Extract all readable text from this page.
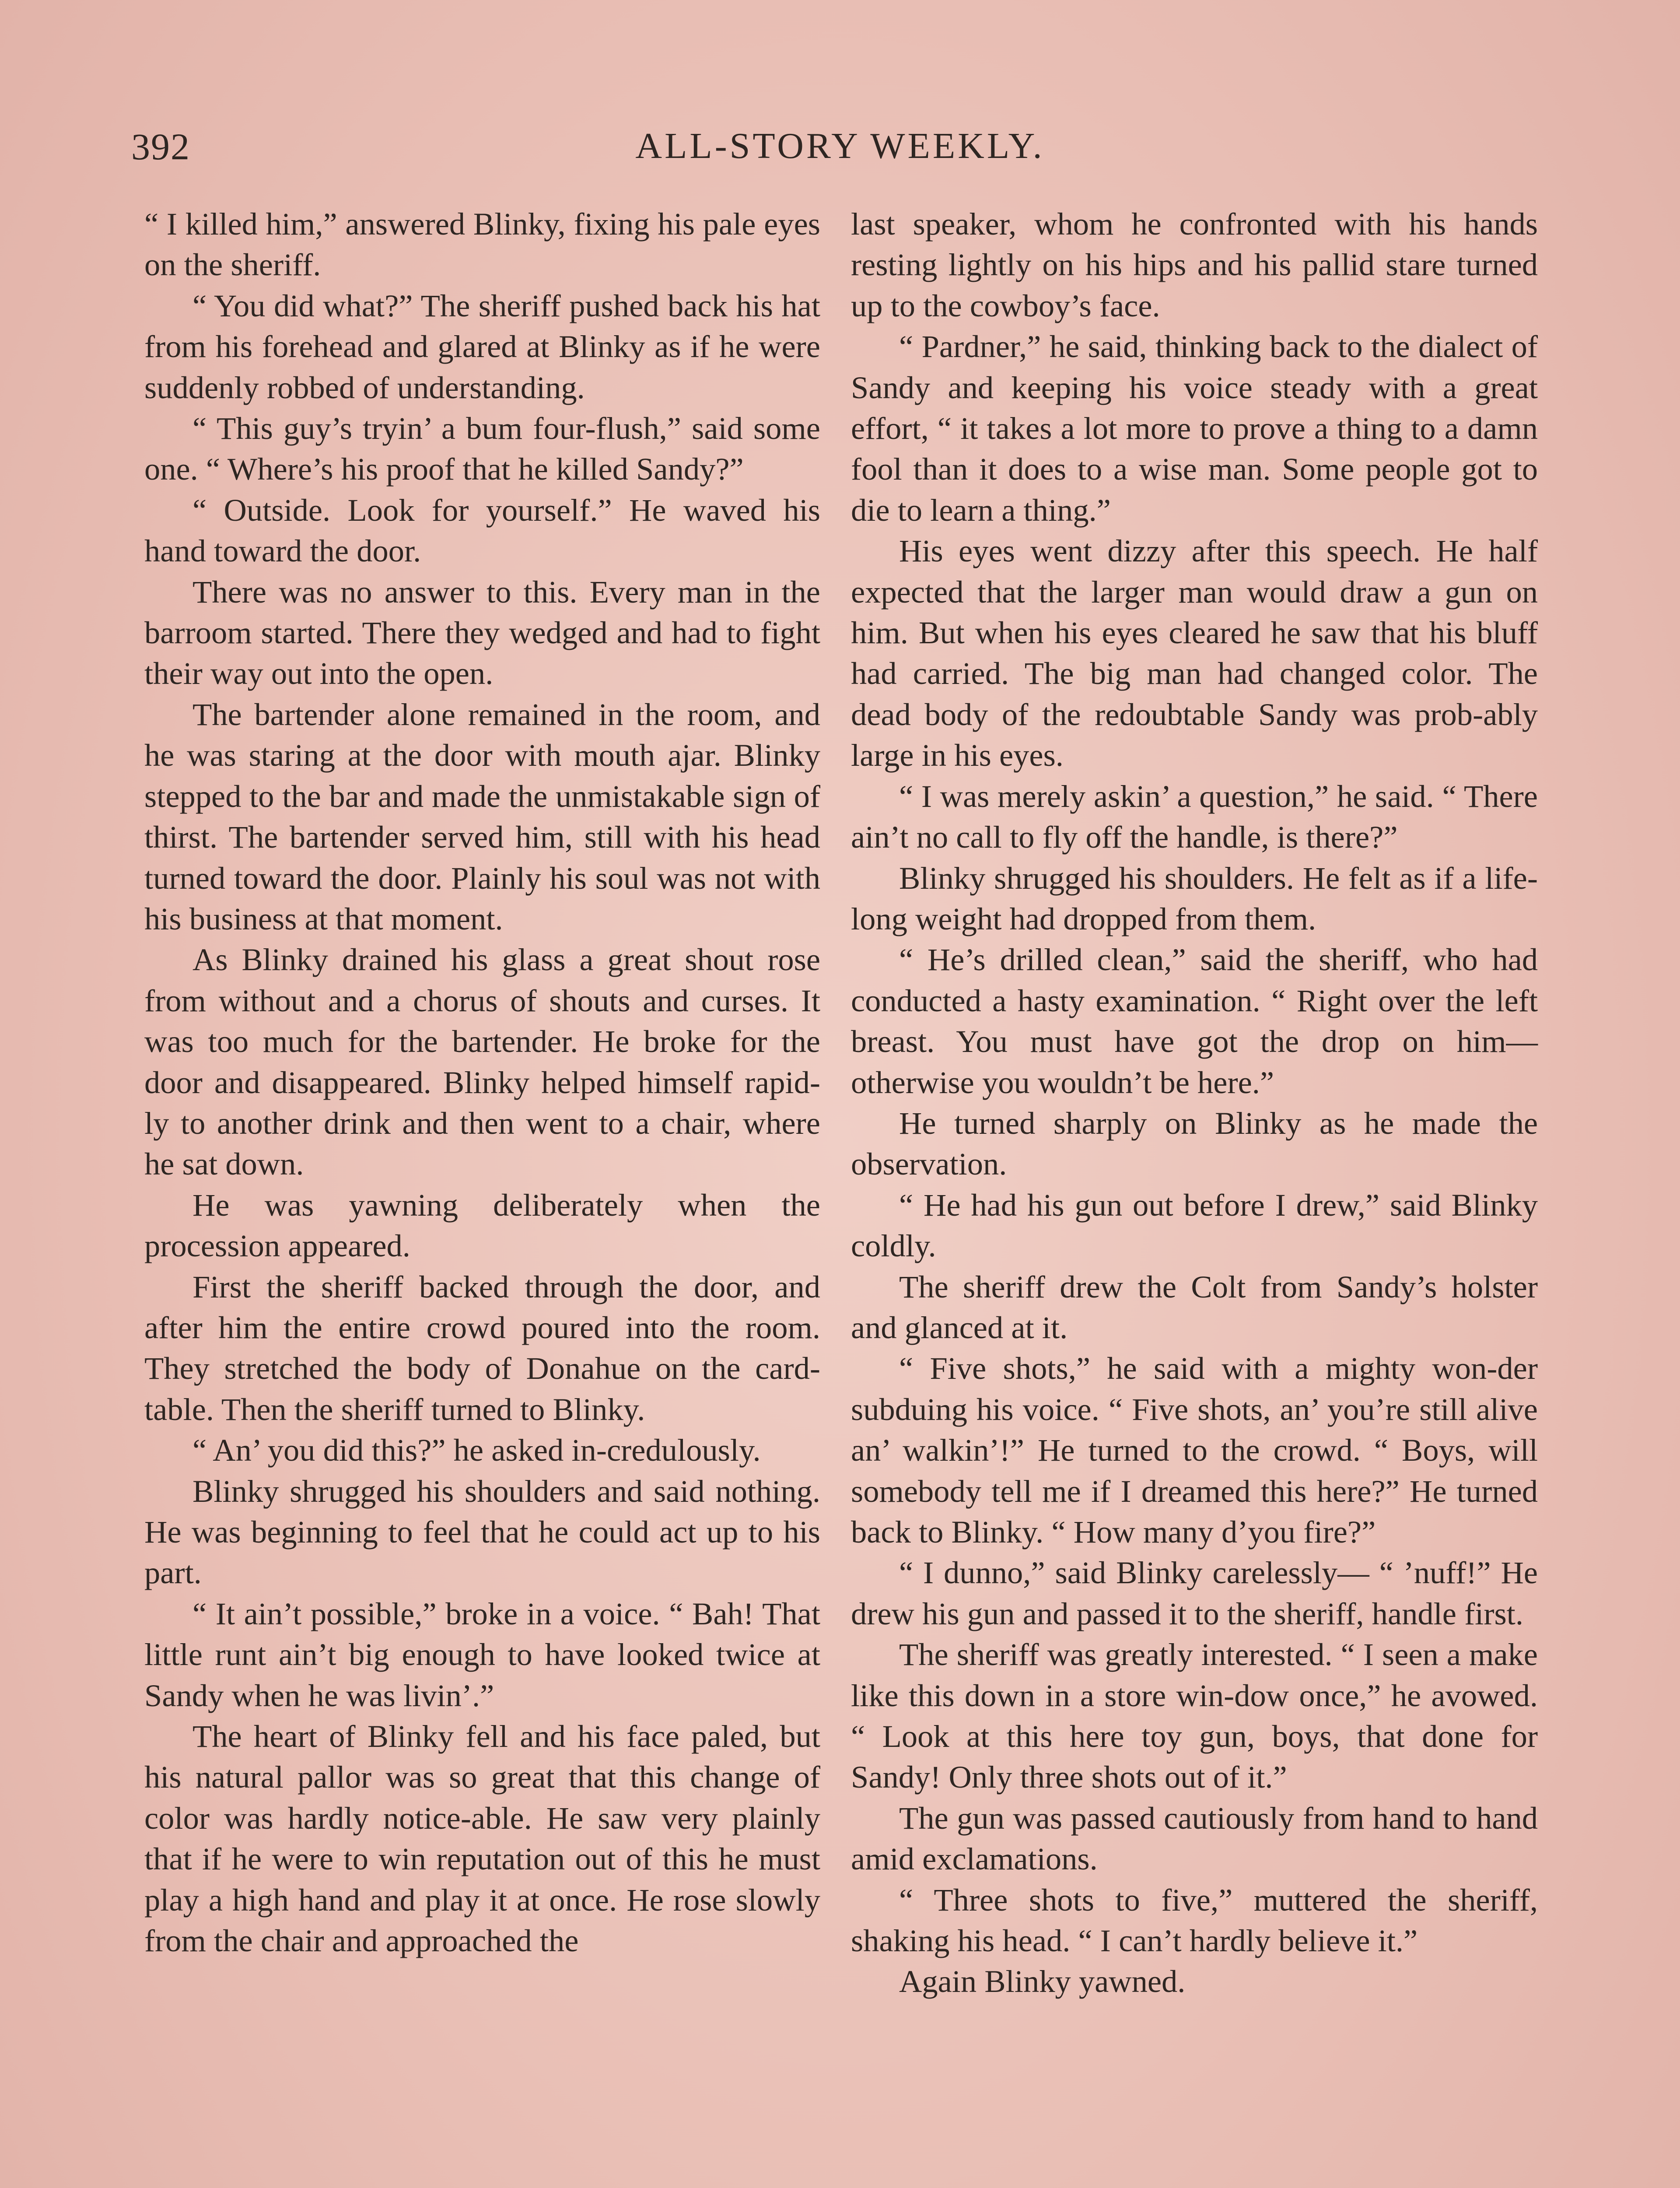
392	ALL-STORY WEEKLY.

“ I killed him,” answered Blinky, fixing his pale eyes on the sheriff.

“ You did what?” The sheriff pushed back his hat from his forehead and glared at Blinky as if he were suddenly robbed of understanding.

“ This guy’s tryin’ a bum four-flush,” said some one. “ Where’s his proof that he killed Sandy?”

“ Outside. Look for yourself.” He waved his hand toward the door.

There was no answer to this. Every man in the barroom started. There they wedged and had to fight their way out into the open.

The bartender alone remained in the room, and he was staring at the door with mouth ajar. Blinky stepped to the bar and made the unmistakable sign of thirst. The bartender served him, still with his head turned toward the door. Plainly his soul was not with his business at that moment.

As Blinky drained his glass a great shout rose from without and a chorus of shouts and curses. It was too much for the bartender. He broke for the door and disappeared. Blinky helped himself rapid-ly to another drink and then went to a chair, where he sat down.

He was yawning deliberately when the procession appeared.

First the sheriff backed through the door, and after him the entire crowd poured into the room. They stretched the body of Donahue on the card-table. Then the sheriff turned to Blinky.

“ An’ you did this?” he asked in-credulously.

Blinky shrugged his shoulders and said nothing. He was beginning to feel that he could act up to his part.

“ It ain’t possible,” broke in a voice. “ Bah! That little runt ain’t big enough to have looked twice at Sandy when he was livin’.”

The heart of Blinky fell and his face paled, but his natural pallor was so great that this change of color was hardly notice-able. He saw very plainly that if he were to win reputation out of this he must play a high hand and play it at once. He rose slowly from the chair and approached the

last speaker, whom he confronted with his hands resting lightly on his hips and his pallid stare turned up to the cowboy’s face.

“ Pardner,” he said, thinking back to the dialect of Sandy and keeping his voice steady with a great effort, “ it takes a lot more to prove a thing to a damn fool than it does to a wise man. Some people got to die to learn a thing.”

His eyes went dizzy after this speech. He half expected that the larger man would draw a gun on him. But when his eyes cleared he saw that his bluff had carried. The big man had changed color. The dead body of the redoubtable Sandy was prob-ably large in his eyes.

“ I was merely askin’ a question,” he said. “ There ain’t no call to fly off the handle, is there?”

Blinky shrugged his shoulders. He felt as if a life-long weight had dropped from them.

“ He’s drilled clean,” said the sheriff, who had conducted a hasty examination. “ Right over the left breast. You must have got the drop on him—otherwise you wouldn’t be here.”

He turned sharply on Blinky as he made the observation.

“ He had his gun out before I drew,” said Blinky coldly.

The sheriff drew the Colt from Sandy’s holster and glanced at it.

“ Five shots,” he said with a mighty won-der subduing his voice. “ Five shots, an’ you’re still alive an’ walkin’!” He turned to the crowd. “ Boys, will somebody tell me if I dreamed this here?” He turned back to Blinky. “ How many d’you fire?”

“ I dunno,” said Blinky carelessly— “ ’nuff!” He drew his gun and passed it to the sheriff, handle first.

The sheriff was greatly interested. “ I seen a make like this down in a store win-dow once,” he avowed. “ Look at this here toy gun, boys, that done for Sandy! Only three shots out of it.”

The gun was passed cautiously from hand to hand amid exclamations.

“ Three shots to five,” muttered the sheriff, shaking his head. “ I can’t hardly believe it.”

Again Blinky yawned.
